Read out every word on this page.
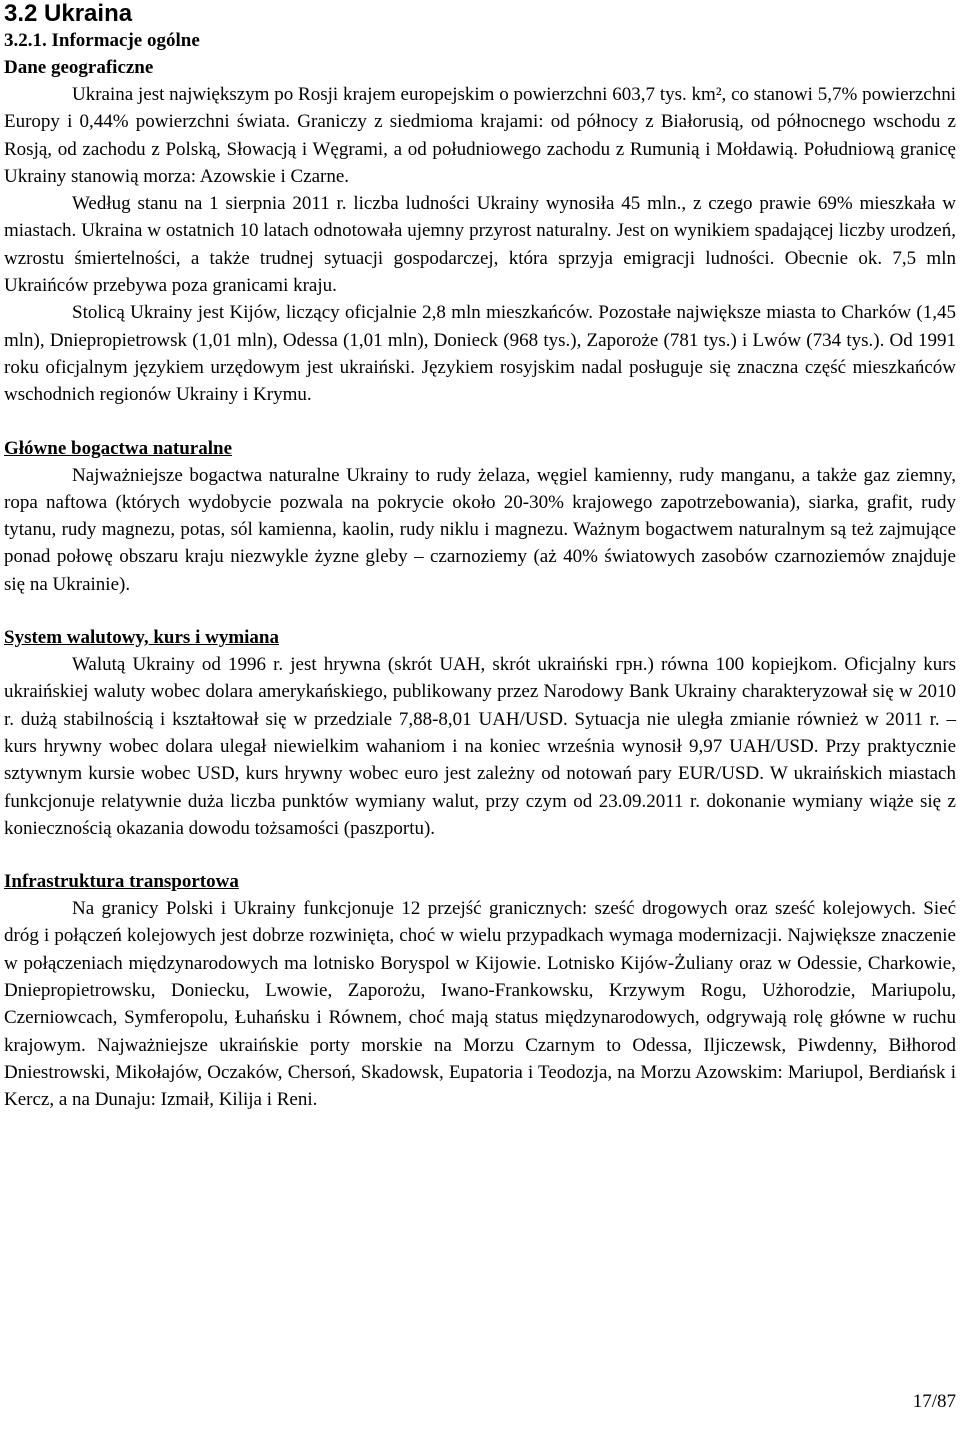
3.2 Ukraina
3.2.1. Informacje ogólne
Dane geograficzne

Ukraina jest największym po Rosji krajem europejskim o powierzchni 603,7 tys. km², co stanowi 5,7% powierzchni Europy i 0,44% powierzchni świata. Graniczy z siedmioma krajami: od północy z Białorusią, od północnego wschodu z Rosją, od zachodu z Polską, Słowacją i Węgrami, a od południowego zachodu z Rumunią i Mołdawią. Południową granicę Ukrainy stanowią morza: Azowskie i Czarne.

Według stanu na 1 sierpnia 2011 r. liczba ludności Ukrainy wynosiła 45 mln., z czego prawie 69% mieszkała w miastach. Ukraina w ostatnich 10 latach odnotowała ujemny przyrost naturalny. Jest on wynikiem spadającej liczby urodzeń, wzrostu śmiertelności, a także trudnej sytuacji gospodarczej, która sprzyja emigracji ludności. Obecnie ok. 7,5 mln Ukraińców przebywa poza granicami kraju.

Stolicą Ukrainy jest Kijów, liczący oficjalnie 2,8 mln mieszkańców. Pozostałe największe miasta to Charków (1,45 mln), Dniepropietrowsk (1,01 mln), Odessa (1,01 mln), Donieck (968 tys.), Zaporoże (781 tys.) i Lwów (734 tys.). Od 1991 roku oficjalnym językiem urzędowym jest ukraiński. Językiem rosyjskim nadal posługuje się znaczna część mieszkańców wschodnich regionów Ukrainy i Krymu.

Główne bogactwa naturalne

Najważniejsze bogactwa naturalne Ukrainy to rudy żelaza, węgiel kamienny, rudy manganu, a także gaz ziemny, ropa naftowa (których wydobycie pozwala na pokrycie około 20-30% krajowego zapotrzebowania), siarka, grafit, rudy tytanu, rudy magnezu, potas, sól kamienna, kaolin, rudy niklu i magnezu. Ważnym bogactwem naturalnym są też zajmujące ponad połowę obszaru kraju niezwykle żyzne gleby – czarnoziemy (aż 40% światowych zasobów czarnoziemów znajduje się na Ukrainie).

System walutowy, kurs i wymiana

Walutą Ukrainy od 1996 r. jest hrywna (skrót UAH, skrót ukraiński грн.) równa 100 kopiejkom. Oficjalny kurs ukraińskiej waluty wobec dolara amerykańskiego, publikowany przez Narodowy Bank Ukrainy charakteryzował się w 2010 r. dużą stabilnością i kształtował się w przedziale 7,88-8,01 UAH/USD. Sytuacja nie uległa zmianie również w 2011 r. – kurs hrywny wobec dolara ulegał niewielkim wahaniom i na koniec września wynosił 9,97 UAH/USD. Przy praktycznie sztywnym kursie wobec USD, kurs hrywny wobec euro jest zależny od notowań pary EUR/USD. W ukraińskich miastach funkcjonuje relatywnie duża liczba punktów wymiany walut, przy czym od 23.09.2011 r. dokonanie wymiany wiąże się z koniecznością okazania dowodu tożsamości (paszportu).

Infrastruktura transportowa

Na granicy Polski i Ukrainy funkcjonuje 12 przejść granicznych: sześć drogowych oraz sześć kolejowych. Sieć dróg i połączeń kolejowych jest dobrze rozwinięta, choć w wielu przypadkach wymaga modernizacji. Największe znaczenie w połączeniach międzynarodowych ma lotnisko Boryspol w Kijowie. Lotnisko Kijów-Żuliany oraz w Odessie, Charkowie, Dniepropietrowsku, Doniecku, Lwowie, Zaporożu, Iwano-Frankowsku, Krzywym Rogu, Użhorodzie, Mariupolu, Czerniowcach, Symferopolu, Łuhańsku i Równem, choć mają status międzynarodowych, odgrywają rolę główne w ruchu krajowym. Najważniejsze ukraińskie porty morskie na Morzu Czarnym to Odessa, Iljiczewsk, Piwdenny, Biłhorod Dniestrowski, Mikołajów, Oczaków, Chersoń, Skadowsk, Eupatoria i Teodozja, na Morzu Azowskim: Mariupol, Berdiańsk i Kercz, a na Dunaju: Izmaił, Kilija i Reni.

17/87
